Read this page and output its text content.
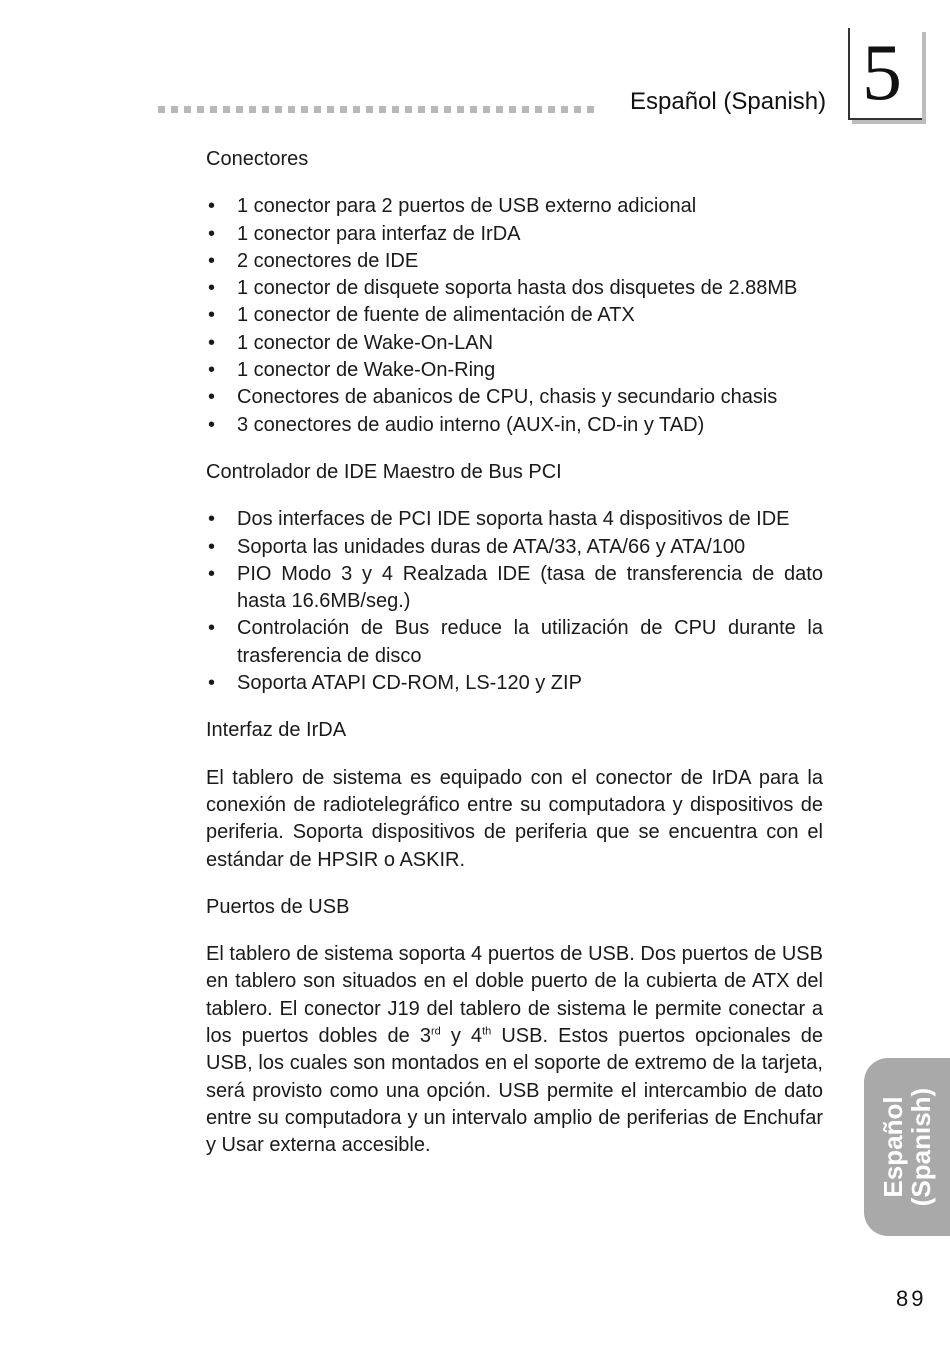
Español (Spanish) 5
Conectores
• 1 conector para 2 puertos de USB externo adicional
• 1 conector para interfaz de IrDA
• 2 conectores de IDE
• 1 conector de disquete soporta hasta dos disquetes de 2.88MB
• 1 conector de fuente de alimentación de ATX
• 1 conector de Wake-On-LAN
• 1 conector de Wake-On-Ring
• Conectores de abanicos de CPU, chasis y secundario chasis
• 3 conectores de audio interno (AUX-in, CD-in y TAD)
Controlador de IDE Maestro de Bus PCI
• Dos interfaces de PCI IDE soporta hasta 4 dispositivos de IDE
• Soporta las unidades duras de ATA/33, ATA/66 y ATA/100
• PIO Modo 3 y 4 Realzada IDE (tasa de transferencia de dato hasta 16.6MB/seg.)
• Controlación de Bus reduce la utilización de CPU durante la trasferencia de disco
• Soporta ATAPI CD-ROM, LS-120 y ZIP
Interfaz de IrDA

El tablero de sistema es equipado con el conector de IrDA para la conexión de radiotelegráfico entre su computadora y dispositivos de periferia. Soporta dispositivos de periferia que se encuentra con el estándar de HPSIR o ASKIR.

Puertos de USB

El tablero de sistema soporta 4 puertos de USB. Dos puertos de USB en tablero son situados en el doble puerto de la cubierta de ATX del tablero. El conector J19 del tablero de sistema le permite conectar a los puertos dobles de 3rd y 4th USB. Estos puertos opcionales de USB, los cuales son montados en el soporte de extremo de la tarjeta, será provisto como una opción. USB permite el intercambio de dato entre su computadora y un intervalo amplio de periferias de Enchufar y Usar externa accesible.	Español
(Spanish)
89
